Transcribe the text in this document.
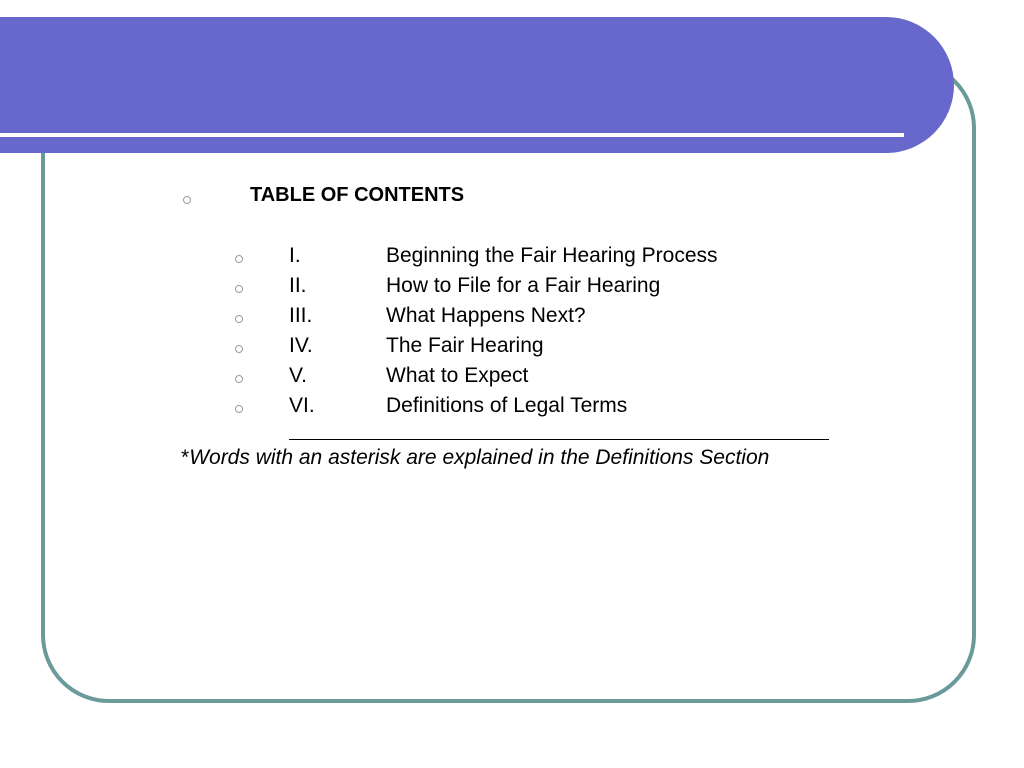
TABLE OF CONTENTS
I.	Beginning the Fair Hearing Process
II.	How to File for a Fair Hearing
III.	What Happens Next?
IV.	The Fair Hearing
V.	What to Expect
VI.	Definitions of Legal Terms
*Words with an asterisk are explained in the Definitions Section
